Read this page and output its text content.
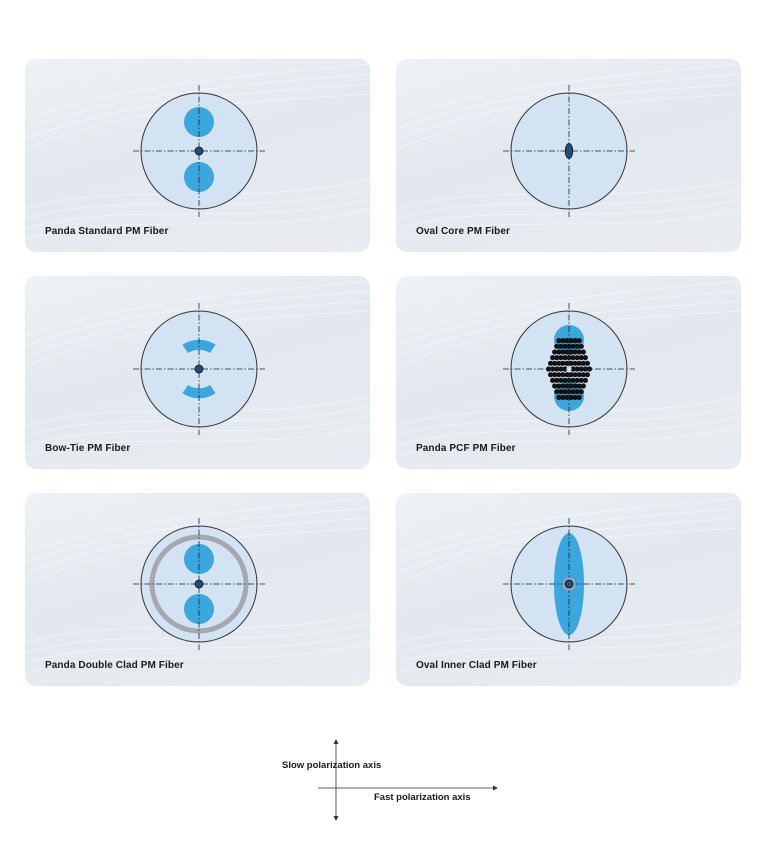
Panda Standard PM Fiber	Oval Core PM Fiber
Bow-Tie PM Fiber	Panda PCF PM Fiber
Panda Double Clad PM Fiber	Oval Inner Clad PM Fiber
Slow polarization axis
Fast polarization axis
